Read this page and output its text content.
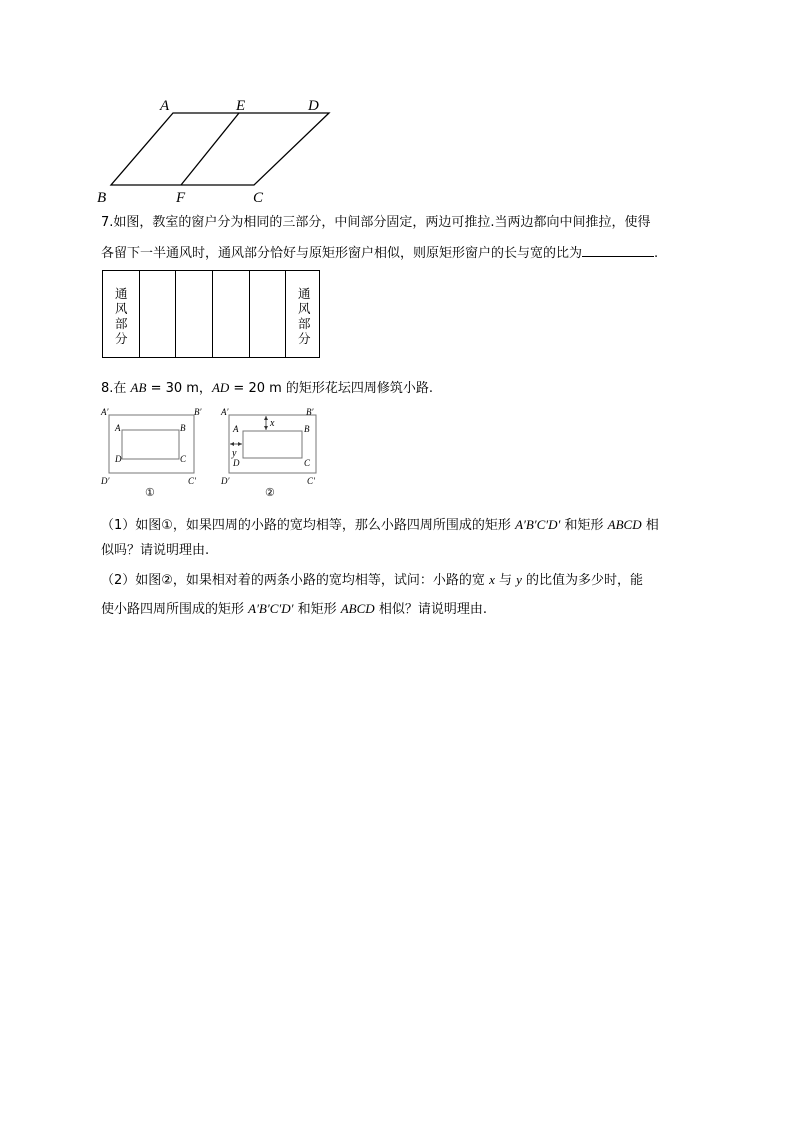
A	E	D
B	F	C
7.如图，教室的窗户分为相同的三部分，中间部分固定，两边可推拉.当两边都向中间推拉，使得
各留下一半通风时，通风部分恰好与原矩形窗户相似，则原矩形窗户的长与宽的比为	.
通风部分
通风部分
8.在 AB = 30 m，AD = 20 m 的矩形花坛四周修筑小路.
A′	B′
D′	C′
A	B
D	C
①
x
y
A′	B′
D′	C′
A	B
D	C
②
（1）如图①，如果四周的小路的宽均相等，那么小路四周所围成的矩形 A′B′C′D′ 和矩形 ABCD 相
似吗？请说明理由.
（2）如图②，如果相对着的两条小路的宽均相等，试问：小路的宽 x 与 y 的比值为多少时，能
使小路四周所围成的矩形 A′B′C′D′ 和矩形 ABCD 相似？请说明理由.
